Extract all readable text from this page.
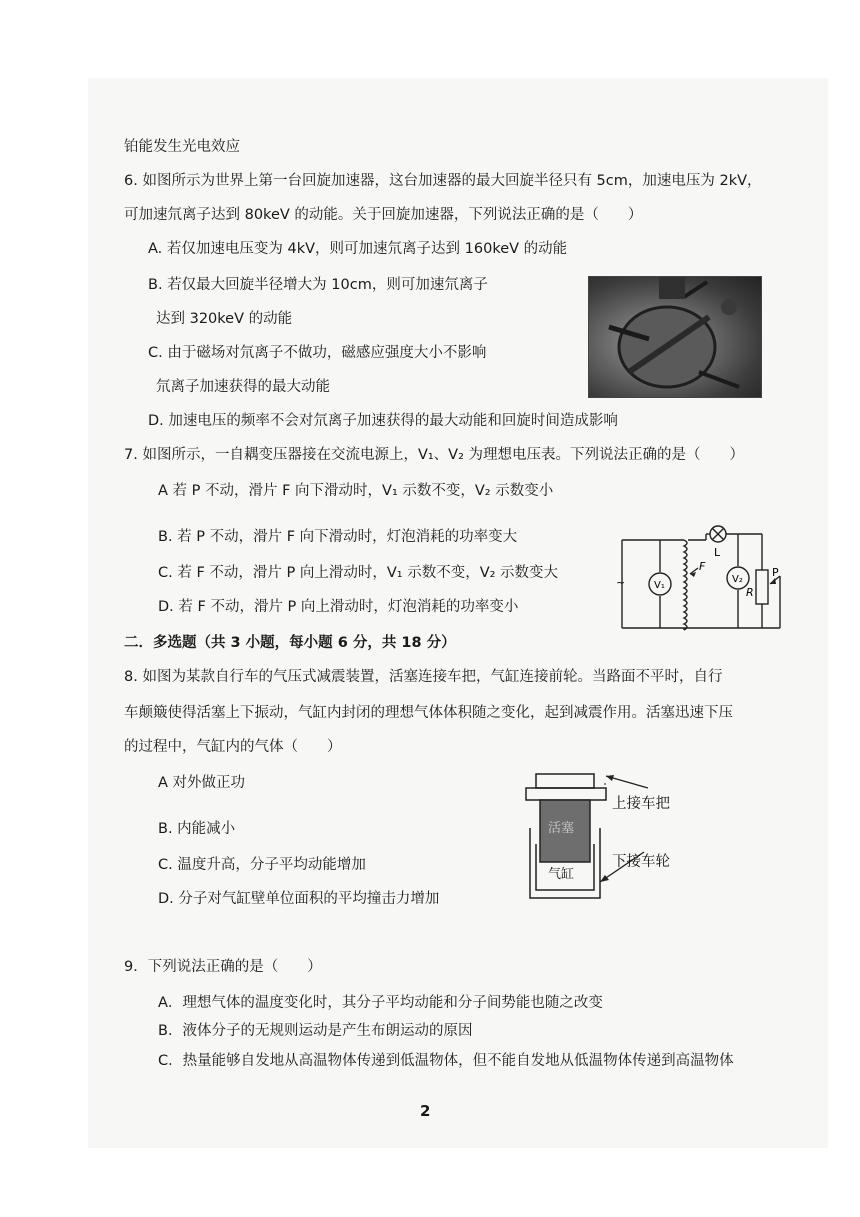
铂能发生光电效应
6. 如图所示为世界上第一台回旋加速器，这台加速器的最大回旋半径只有 5cm，加速电压为 2kV，
可加速氘离子达到 80keV 的动能。关于回旋加速器，下列说法正确的是（　　）
A. 若仅加速电压变为 4kV，则可加速氘离子达到 160keV 的动能
B. 若仅最大回旋半径增大为 10cm，则可加速氘离子
达到 320keV 的动能
C. 由于磁场对氘离子不做功，磁感应强度大小不影响
氘离子加速获得的最大动能
D. 加速电压的频率不会对氘离子加速获得的最大动能和回旋时间造成影响
7. 如图所示，一自耦变压器接在交流电源上，V₁、V₂ 为理想电压表。下列说法正确的是（　　）
A 若 P 不动，滑片 F 向下滑动时，V₁ 示数不变，V₂ 示数变小
B. 若 P 不动，滑片 F 向下滑动时，灯泡消耗的功率变大
C. 若 F 不动，滑片 P 向上滑动时，V₁ 示数不变，V₂ 示数变大
D. 若 F 不动，滑片 P 向上滑动时，灯泡消耗的功率变小
V₁
V₂
L
F	P
R
~
二．多选题（共 3 小题，每小题 6 分，共 18 分）
8. 如图为某款自行车的气压式减震装置，活塞连接车把，气缸连接前轮。当路面不平时，自行
车颠簸使得活塞上下振动，气缸内封闭的理想气体体积随之变化，起到减震作用。活塞迅速下压
的过程中，气缸内的气体（　　）
A 对外做正功
B. 内能减小
C. 温度升高，分子平均动能增加
D. 分子对气缸壁单位面积的平均撞击力增加
活塞
气缸
上接车把
下接车轮
9．下列说法正确的是（　　）
A．理想气体的温度变化时，其分子平均动能和分子间势能也随之改变
B．液体分子的无规则运动是产生布朗运动的原因
C．热量能够自发地从高温物体传递到低温物体，但不能自发地从低温物体传递到高温物体
2
